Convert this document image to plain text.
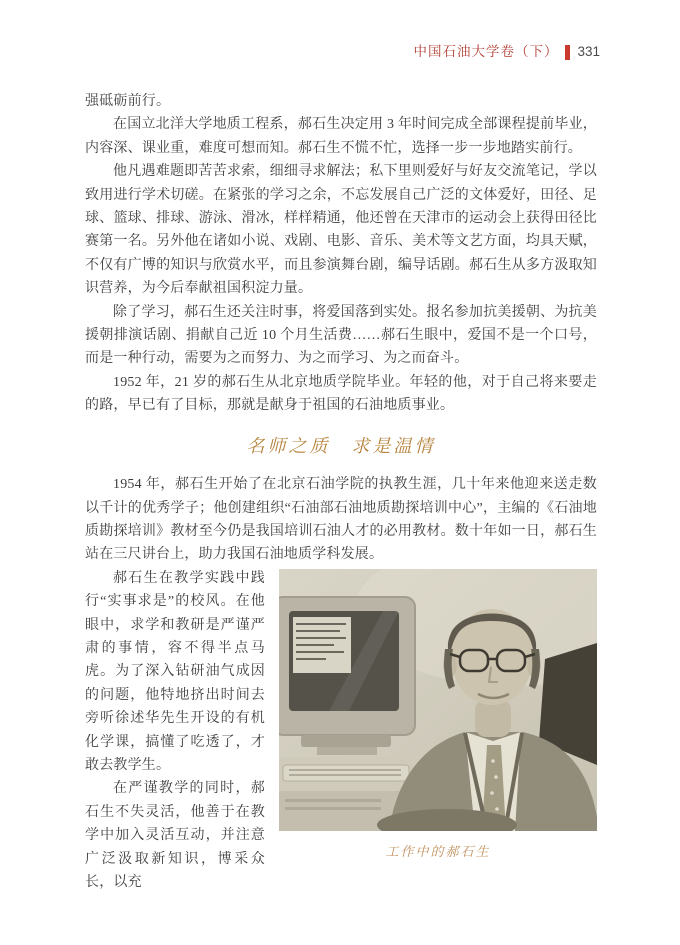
中国石油大学卷（下） 331

强砥砺前行。

在国立北洋大学地质工程系，郝石生决定用 3 年时间完成全部课程提前毕业，内容深、课业重，难度可想而知。郝石生不慌不忙，选择一步一步地踏实前行。

他凡遇难题即苦苦求索，细细寻求解法；私下里则爱好与好友交流笔记，学以致用进行学术切磋。在紧张的学习之余，不忘发展自己广泛的文体爱好，田径、足球、篮球、排球、游泳、滑冰，样样精通，他还曾在天津市的运动会上获得田径比赛第一名。另外他在诸如小说、戏剧、电影、音乐、美术等文艺方面，均具天赋，不仅有广博的知识与欣赏水平，而且参演舞台剧，编导话剧。郝石生从多方汲取知识营养，为今后奉献祖国积淀力量。

除了学习，郝石生还关注时事，将爱国落到实处。报名参加抗美援朝、为抗美援朝排演话剧、捐献自己近 10 个月生活费……郝石生眼中，爱国不是一个口号，而是一种行动，需要为之而努力、为之而学习、为之而奋斗。

1952 年，21 岁的郝石生从北京地质学院毕业。年轻的他，对于自己将来要走的路，早已有了目标，那就是献身于祖国的石油地质事业。

名师之质　求是温情

1954 年，郝石生开始了在北京石油学院的执教生涯，几十年来他迎来送走数以千计的优秀学子；他创建组织“石油部石油地质勘探培训中心”，主编的《石油地质勘探培训》教材至今仍是我国培训石油人才的必用教材。数十年如一日，郝石生站在三尺讲台上，助力我国石油地质学科发展。

工作中的郝石生

郝石生在教学实践中践行“实事求是”的校风。在他眼中，求学和教研是严谨严肃的事情，容不得半点马虎。为了深入钻研油气成因的问题，他特地挤出时间去旁听徐述华先生开设的有机化学课，搞懂了吃透了，才敢去教学生。

在严谨教学的同时，郝石生不失灵活，他善于在教学中加入灵活互动，并注意广泛汲取新知识，博采众长，以充
